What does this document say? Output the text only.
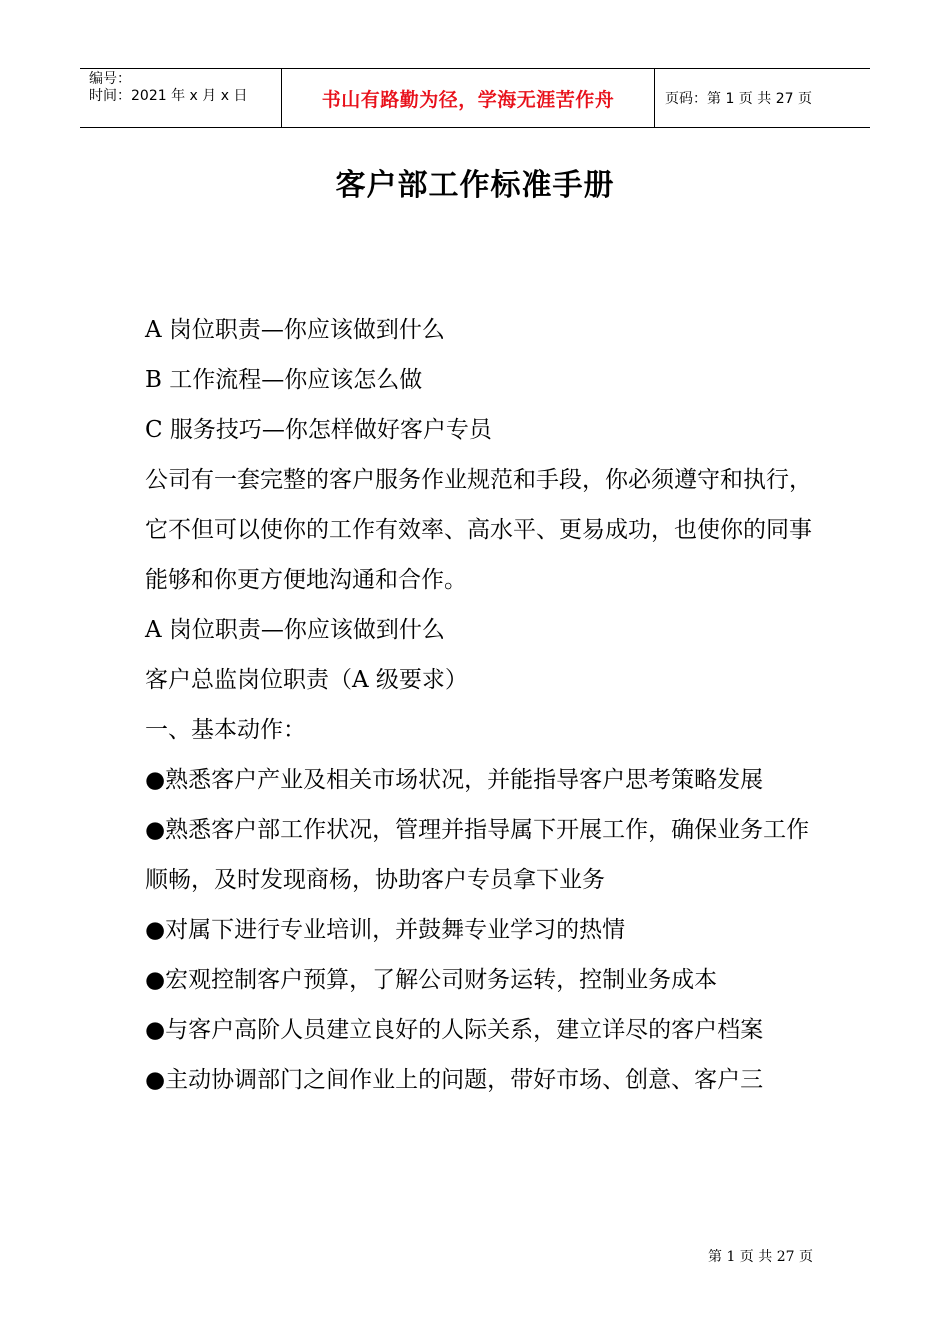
编号：
时间：2021 年 x 月 x 日	书山有路勤为径，学海无涯苦作舟	页码：第 1 页 共 27 页
客户部工作标准手册

A 岗位职责—你应该做到什么

B 工作流程—你应该怎么做

C 服务技巧—你怎样做好客户专员

公司有一套完整的客户服务作业规范和手段，你必须遵守和执行，它不但可以使你的工作有效率、高水平、更易成功，也使你的同事能够和你更方便地沟通和合作。

A 岗位职责—你应该做到什么

客户总监岗位职责（A 级要求）

一、基本动作：

●熟悉客户产业及相关市场状况，并能指导客户思考策略发展

●熟悉客户部工作状况，管理并指导属下开展工作，确保业务工作顺畅，及时发现商杨，协助客户专员拿下业务

●对属下进行专业培训，并鼓舞专业学习的热情

●宏观控制客户预算，了解公司财务运转，控制业务成本

●与客户高阶人员建立良好的人际关系，建立详尽的客户档案

●主动协调部门之间作业上的问题，带好市场、创意、客户三

第 1 页 共 27 页
